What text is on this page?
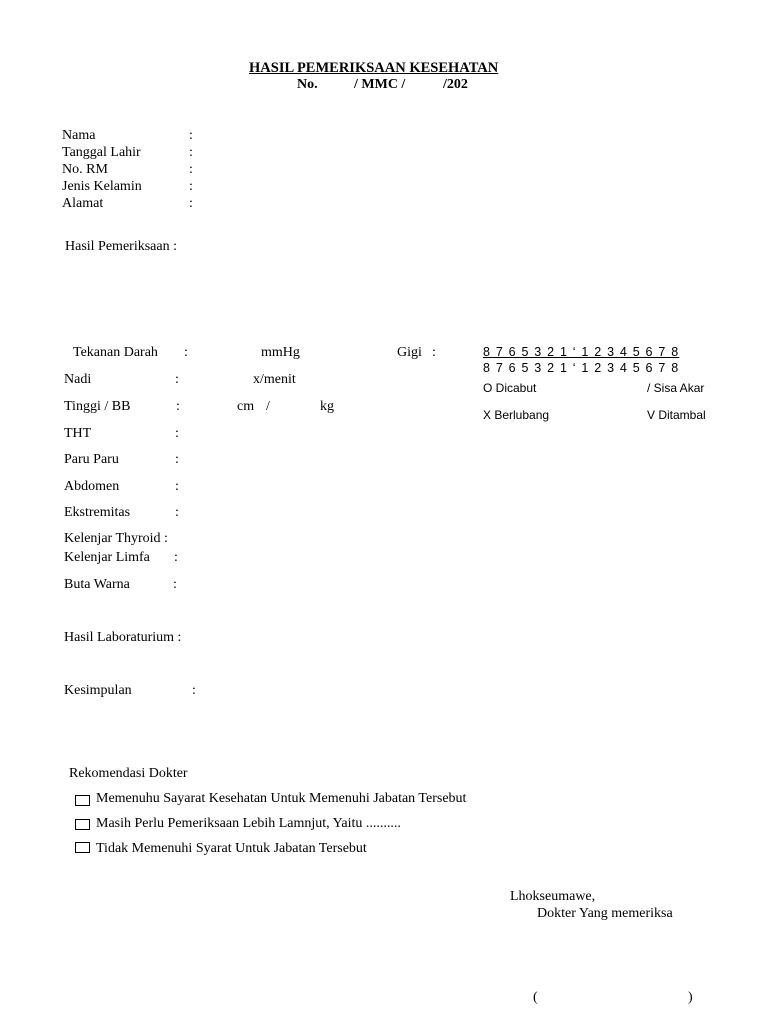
HASIL PEMERIKSAAN KESEHATAN
No.	/ MMC /	/202
Nama	:
Tanggal Lahir	:
No. RM	:
Jenis Kelamin	:
Alamat	:
Hasil Pemeriksaan :
Tekanan Darah :	mmHg
Nadi	:	x/menit
Tinggi / BB	:	cm /	kg
THT	:
Paru Paru	:
Abdomen	:
Ekstremitas	:
Kelenjar Thyroid :
Kelenjar Limfa :
Buta Warna	:
Gigi :	8 7 6 5 3 2 1 ‘ 1 2 3 4 5 6 7 8
8 7 6 5 3 2 1 ‘ 1 2 3 4 5 6 7 8
O Dicabut	/ Sisa Akar
X Berlubang	V Ditambal
Hasil Laboraturium :
Kesimpulan	:
Rekomendasi Dokter
Memenuhu Sayarat Kesehatan Untuk Memenuhi Jabatan Tersebut
Masih Perlu Pemeriksaan Lebih Lamnjut, Yaitu ..........
Tidak Memenuhi Syarat Untuk Jabatan Tersebut
Lhokseumawe,
Dokter Yang memeriksa
(	)
